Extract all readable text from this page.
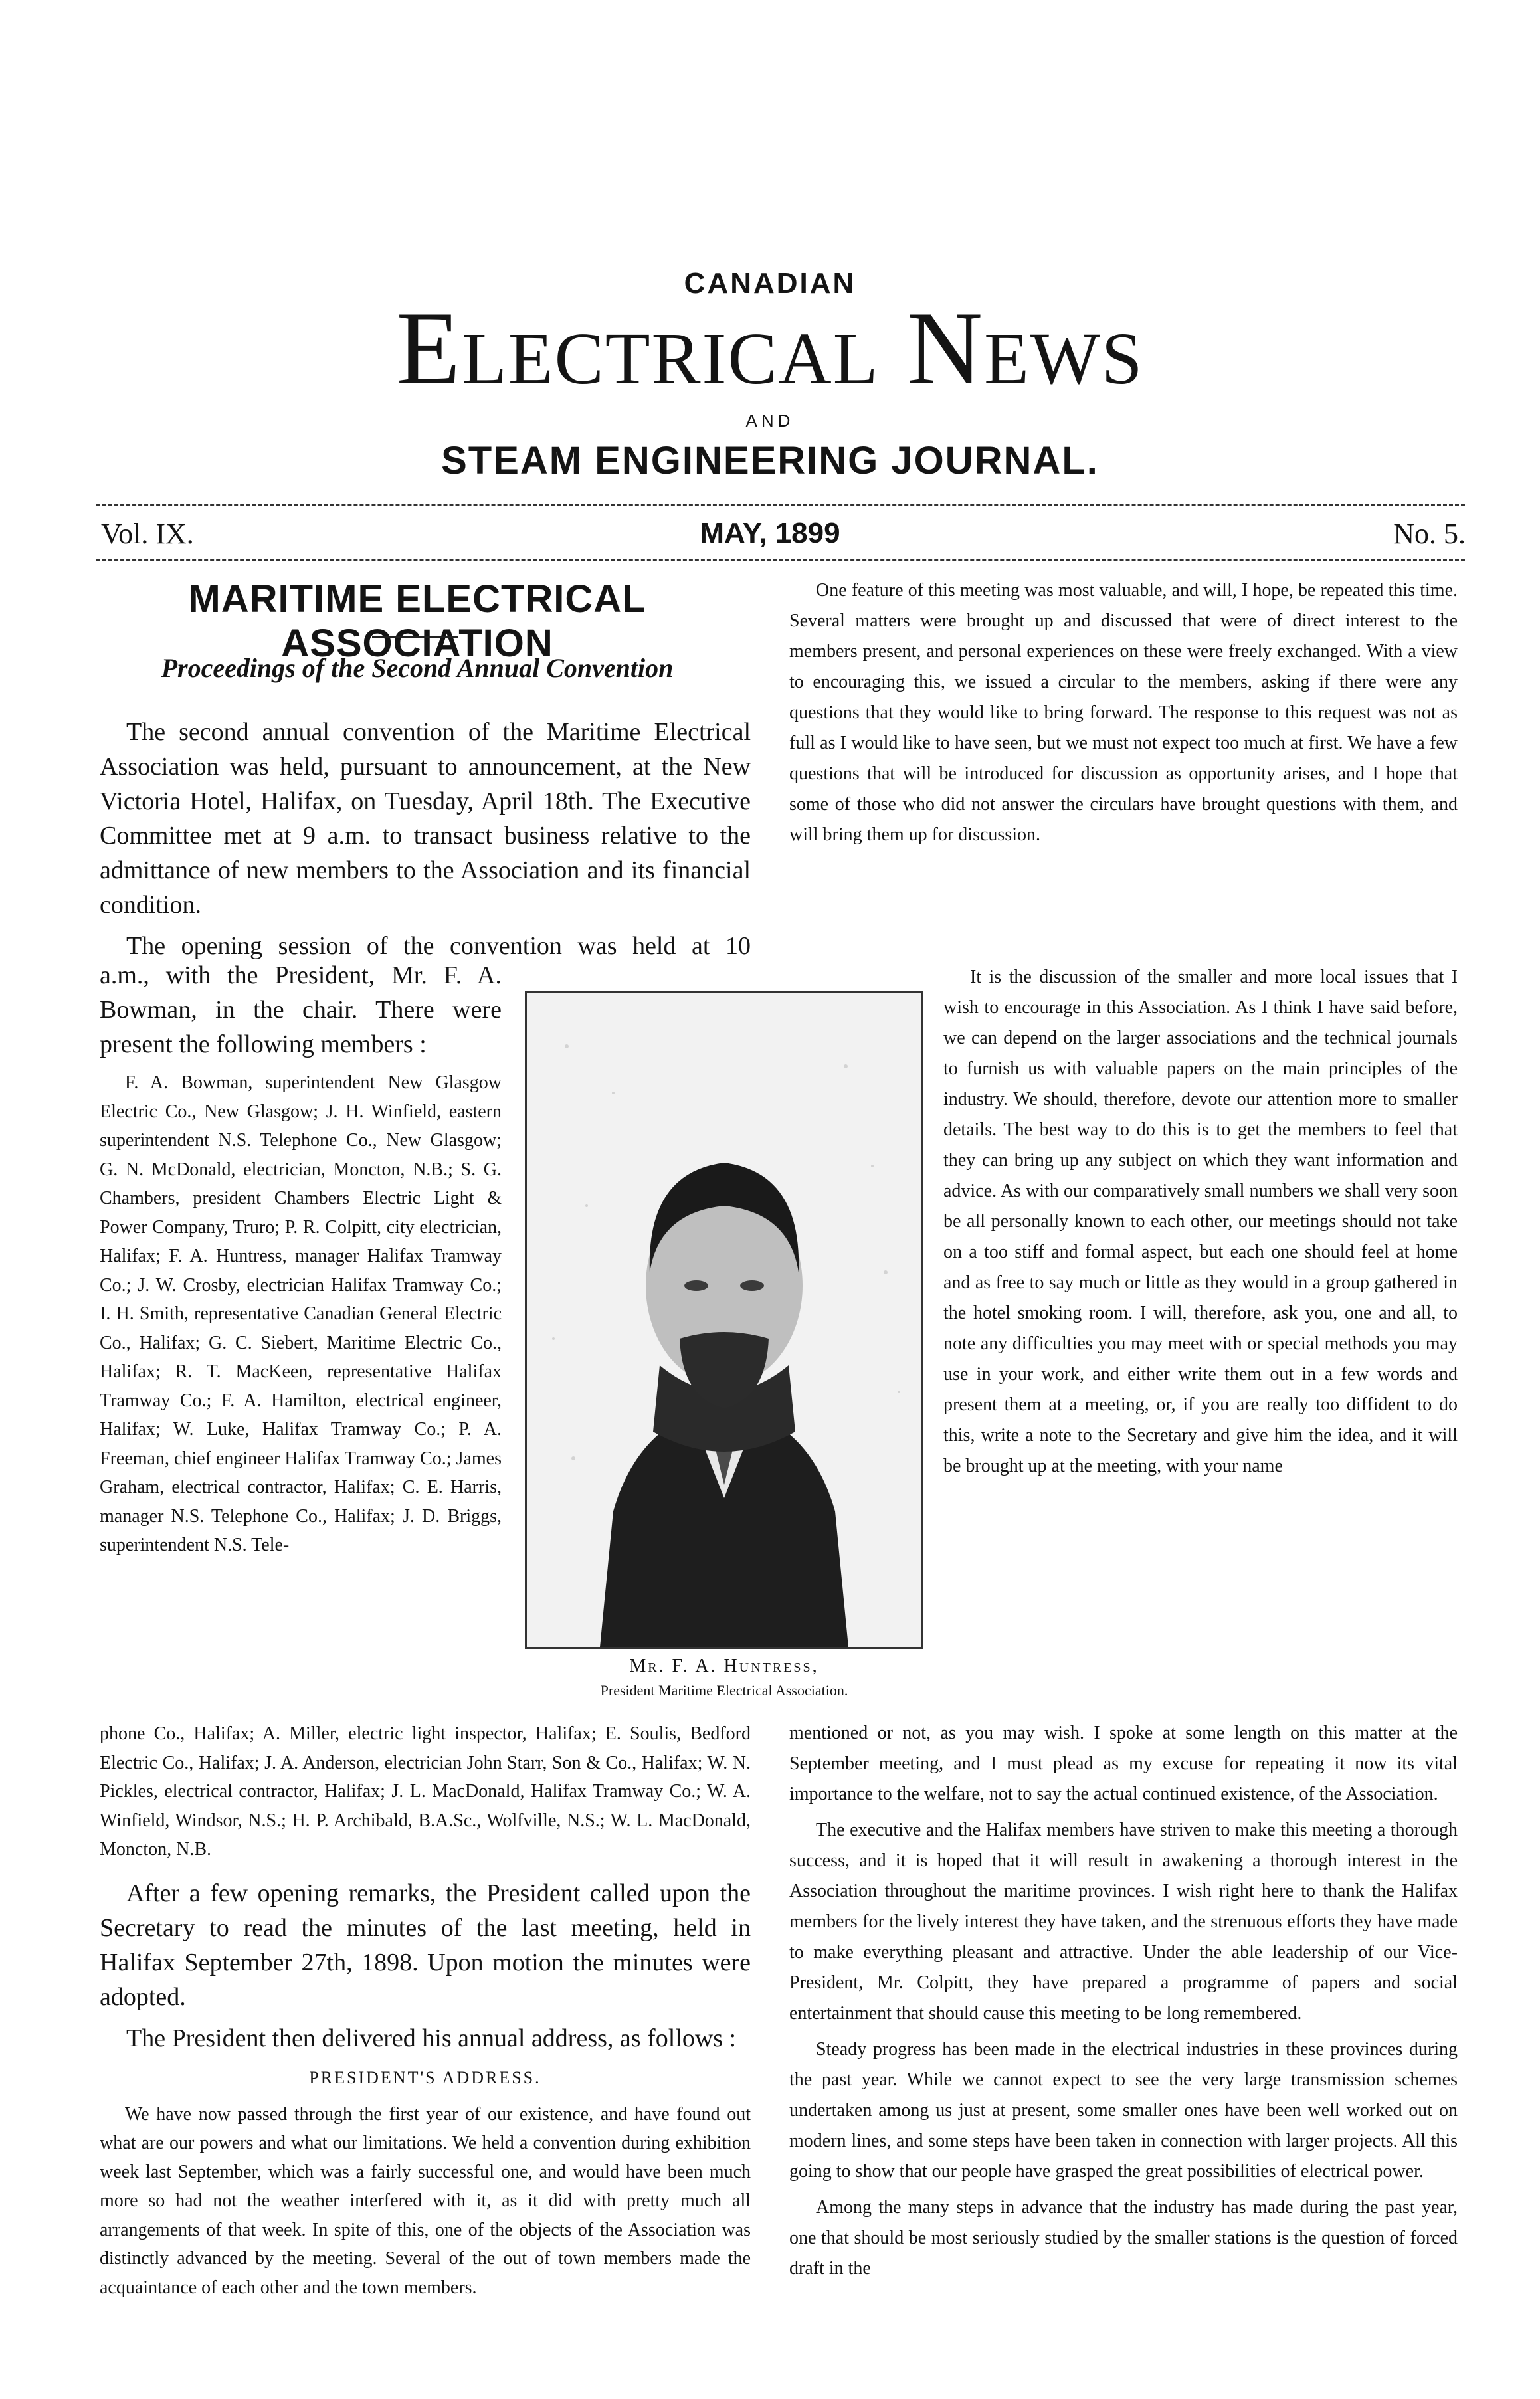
CANADIAN
Electrical News
AND
STEAM ENGINEERING JOURNAL.
Vol. IX.	MAY, 1899	No. 5.
MARITIME ELECTRICAL ASSOCIATION
Proceedings of the Second Annual Convention

The second annual convention of the Maritime Electrical Association was held, pursuant to announcement, at the New Victoria Hotel, Halifax, on Tuesday, April 18th. The Executive Committee met at 9 a.m. to transact business relative to the admittance of new members to the Association and its financial condition.

The opening session of the convention was held at 10

a.m., with the President, Mr. F. A. Bowman, in the chair. There were present the following members :

F. A. Bowman, superintendent New Glasgow Electric Co., New Glasgow; J. H. Winfield, eastern superintendent N.S. Telephone Co., New Glasgow; G. N. McDonald, electrician, Moncton, N.B.; S. G. Chambers, president Chambers Electric Light & Power Company, Truro; P. R. Colpitt, city electrician, Halifax; F. A. Huntress, manager Halifax Tramway Co.; J. W. Crosby, electrician Halifax Tramway Co.; I. H. Smith, representative Canadian General Electric Co., Halifax; G. C. Siebert, Maritime Electric Co., Halifax; R. T. MacKeen, representative Halifax Tramway Co.; F. A. Hamilton, electrical engineer, Halifax; W. Luke, Halifax Tramway Co.; P. A. Freeman, chief engineer Halifax Tramway Co.; James Graham, electrical contractor, Halifax; C. E. Harris, manager N.S. Telephone Co., Halifax; J. D. Briggs, superintendent N.S. Tele-

Mr. F. A. Huntress,
President Maritime Electrical Association.

phone Co., Halifax; A. Miller, electric light inspector, Halifax; E. Soulis, Bedford Electric Co., Halifax; J. A. Anderson, electrician John Starr, Son & Co., Halifax; W. N. Pickles, electrical contractor, Halifax; J. L. MacDonald, Halifax Tramway Co.; W. A. Winfield, Windsor, N.S.; H. P. Archibald, B.A.Sc., Wolfville, N.S.; W. L. MacDonald, Moncton, N.B.

After a few opening remarks, the President called upon the Secretary to read the minutes of the last meeting, held in Halifax September 27th, 1898. Upon motion the minutes were adopted.

The President then delivered his annual address, as follows :

PRESIDENT'S ADDRESS.

We have now passed through the first year of our existence, and have found out what are our powers and what our limitations. We held a convention during exhibition week last September, which was a fairly successful one, and would have been much more so had not the weather interfered with it, as it did with pretty much all arrangements of that week. In spite of this, one of the objects of the Association was distinctly advanced by the meeting. Several of the out of town members made the acquaintance of each other and the town members.

One feature of this meeting was most valuable, and will, I hope, be repeated this time. Several matters were brought up and discussed that were of direct interest to the members present, and personal experiences on these were freely exchanged. With a view to encouraging this, we issued a circular to the members, asking if there were any questions that they would like to bring forward. The response to this request was not as full as I would like to have seen, but we must not expect too much at first. We have a few questions that will be introduced for discussion as opportunity arises, and I hope that some of those who did not answer the circulars have brought questions with them, and will bring them up for discussion.

It is the discussion of the smaller and more local issues that I wish to encourage in this Association. As I think I have said before, we can depend on the larger associations and the technical journals to furnish us with valuable papers on the main principles of the industry. We should, therefore, devote our attention more to smaller details. The best way to do this is to get the members to feel that they can bring up any subject on which they want information and advice. As with our comparatively small numbers we shall very soon be all personally known to each other, our meetings should not take on a too stiff and formal aspect, but each one should feel at home and as free to say much or little as they would in a group gathered in the hotel smoking room. I will, therefore, ask you, one and all, to note any difficulties you may meet with or special methods you may use in your work, and either write them out in a few words and present them at a meeting, or, if you are really too diffident to do this, write a note to the Secretary and give him the idea, and it will be brought up at the meeting, with your name

mentioned or not, as you may wish. I spoke at some length on this matter at the September meeting, and I must plead as my excuse for repeating it now its vital importance to the welfare, not to say the actual continued existence, of the Association.

The executive and the Halifax members have striven to make this meeting a thorough success, and it is hoped that it will result in awakening a thorough interest in the Association throughout the maritime provinces. I wish right here to thank the Halifax members for the lively interest they have taken, and the strenuous efforts they have made to make everything pleasant and attractive. Under the able leadership of our Vice-President, Mr. Colpitt, they have prepared a programme of papers and social entertainment that should cause this meeting to be long remembered.

Steady progress has been made in the electrical industries in these provinces during the past year. While we cannot expect to see the very large transmission schemes undertaken among us just at present, some smaller ones have been well worked out on modern lines, and some steps have been taken in connection with larger projects. All this going to show that our people have grasped the great possibilities of electrical power.

Among the many steps in advance that the industry has made during the past year, one that should be most seriously studied by the smaller stations is the question of forced draft in the
